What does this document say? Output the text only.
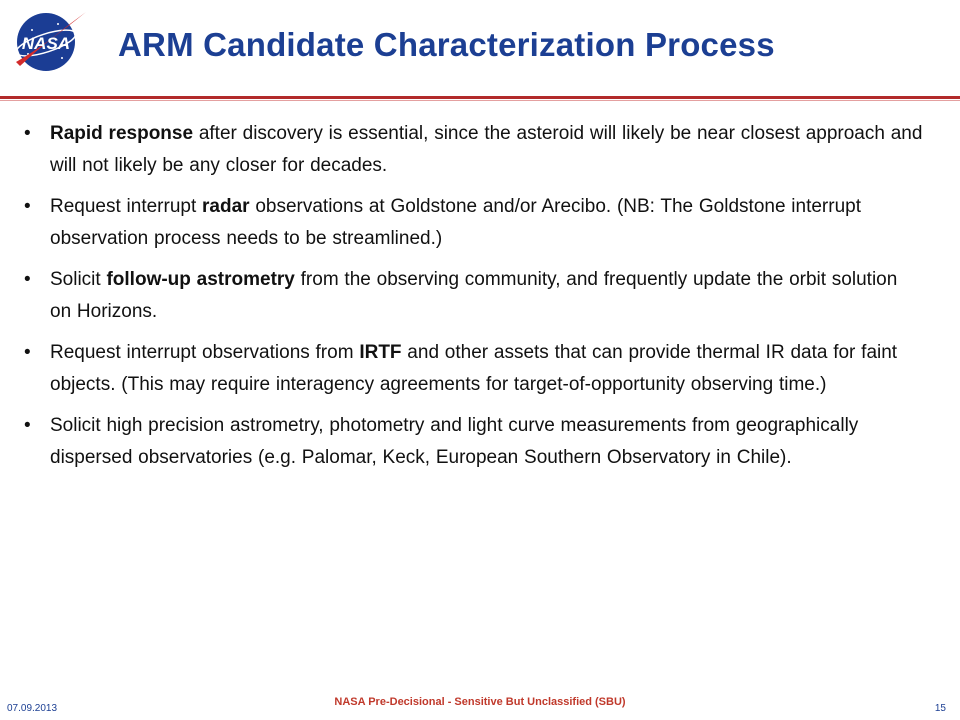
NASA ARM Candidate Characterization Process
• Rapid response after discovery is essential, since the asteroid will likely be near closest approach and will not likely be any closer for decades.
• Request interrupt radar observations at Goldstone and/or Arecibo. (NB: The Goldstone interrupt observation process needs to be streamlined.)
• Solicit follow-up astrometry from the observing community, and frequently update the orbit solution on Horizons.
• Request interrupt observations from IRTF and other assets that can provide thermal IR data for faint objects. (This may require interagency agreements for target-of-opportunity observing time.)
• Solicit high precision astrometry, photometry and light curve measurements from geographically dispersed observatories (e.g. Palomar, Keck, European Southern Observatory in Chile).
07.09.2013
NASA Pre-Decisional - Sensitive But Unclassified (SBU)
15
